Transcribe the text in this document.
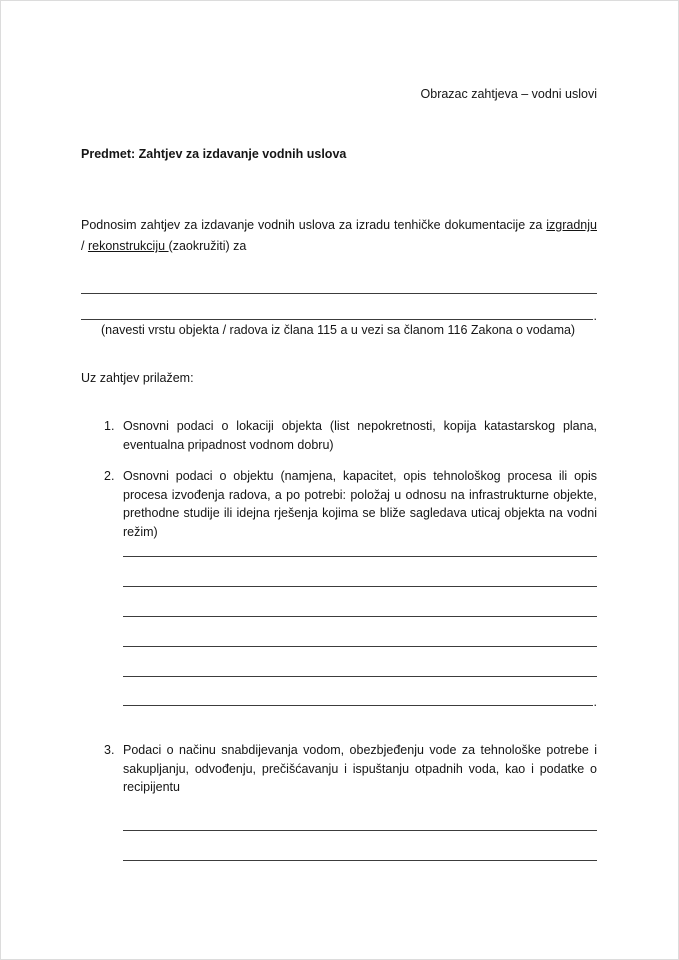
Obrazac zahtjeva – vodni uslovi
Predmet: Zahtjev za izdavanje vodnih uslova
Podnosim zahtjev za izdavanje vodnih uslova za izradu tenhičke dokumentacije za izgradnju
/ rekonstrukciju (zaokružiti) za
.
(navesti vrstu objekta / radova iz člana 115 a u vezi sa članom 116 Zakona o vodama)
Uz zahtjev prilažem:
1. Osnovni podaci o lokaciji objekta (list nepokretnosti, kopija katastarskog plana, eventualna pripadnost vodnom dobru)
2. Osnovni podaci o objektu (namjena, kapacitet, opis tehnološkog procesa ili opis procesa izvođenja radova, a po potrebi: položaj u odnosu na infrastrukturne objekte, prethodne studije ili idejna rješenja kojima se bliže sagledava uticaj objekta na vodni režim)
.
3. Podaci o načinu snabdijevanja vodom, obezbjeđenju vode za tehnološke potrebe i sakupljanju, odvođenju, prečišćavanju i ispuštanju otpadnih voda, kao i podatke o recipijentu
